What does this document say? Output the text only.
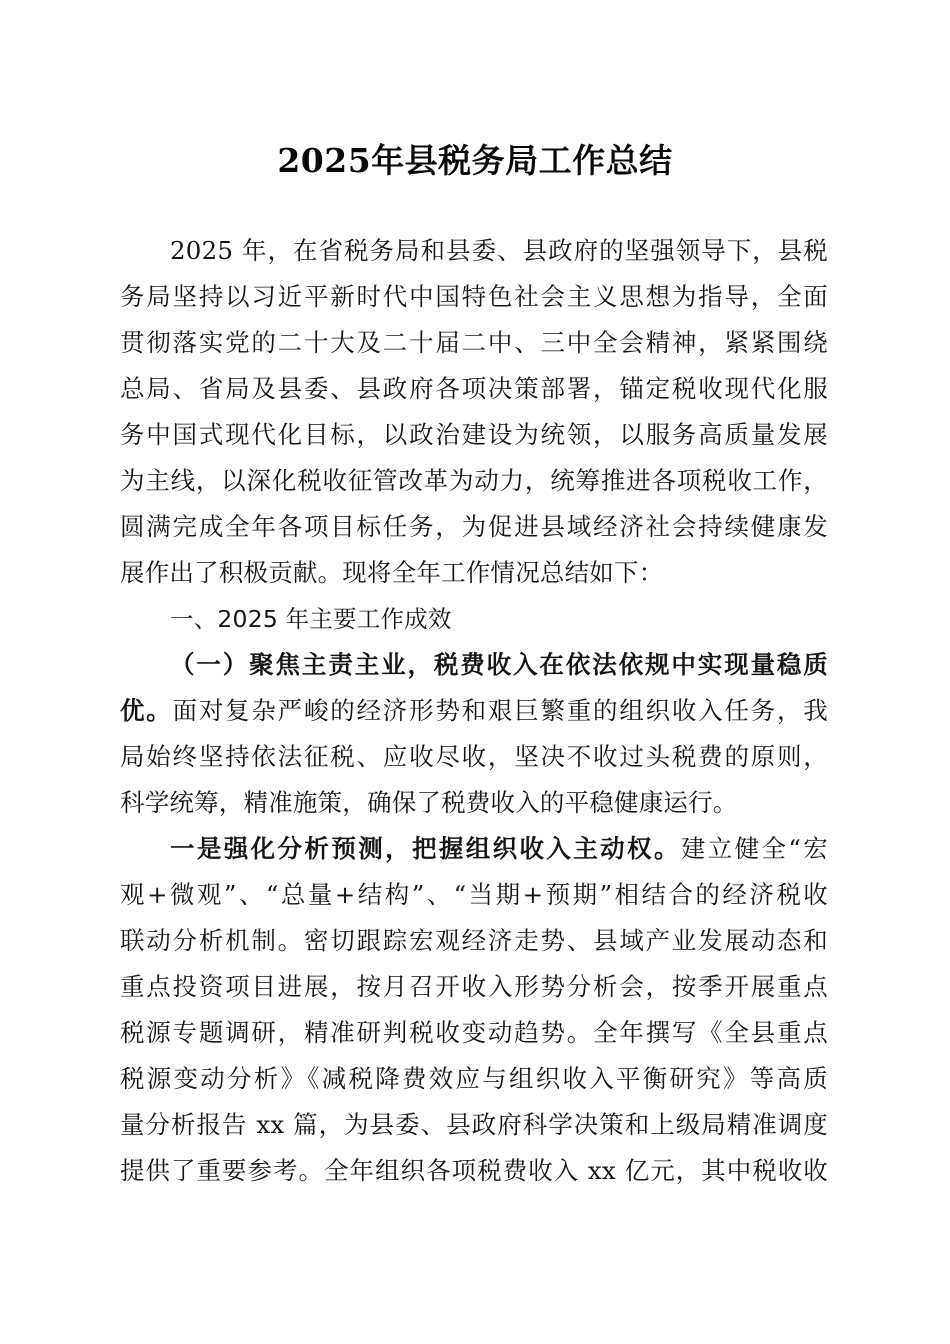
2025年县税务局工作总结
2025 年，在省税务局和县委、县政府的坚强领导下，县税
务局坚持以习近平新时代中国特色社会主义思想为指导，全面
贯彻落实党的二十大及二十届二中、三中全会精神，紧紧围绕
总局、省局及县委、县政府各项决策部署，锚定税收现代化服
务中国式现代化目标，以政治建设为统领，以服务高质量发展
为主线，以深化税收征管改革为动力，统筹推进各项税收工作，
圆满完成全年各项目标任务，为促进县域经济社会持续健康发
展作出了积极贡献。现将全年工作情况总结如下：
一、2025 年主要工作成效
（一）聚焦主责主业，税费收入在依法依规中实现量稳质
优。面对复杂严峻的经济形势和艰巨繁重的组织收入任务，我
局始终坚持依法征税、应收尽收，坚决不收过头税费的原则，
科学统筹，精准施策，确保了税费收入的平稳健康运行。
一是强化分析预测，把握组织收入主动权。建立健全“宏
观+微观”、“总量+结构”、“当期+预期”相结合的经济税收
联动分析机制。密切跟踪宏观经济走势、县域产业发展动态和
重点投资项目进展，按月召开收入形势分析会，按季开展重点
税源专题调研，精准研判税收变动趋势。全年撰写《全县重点
税源变动分析》《减税降费效应与组织收入平衡研究》等高质
量分析报告 xx 篇，为县委、县政府科学决策和上级局精准调度
提供了重要参考。全年组织各项税费收入 xx 亿元，其中税收收
